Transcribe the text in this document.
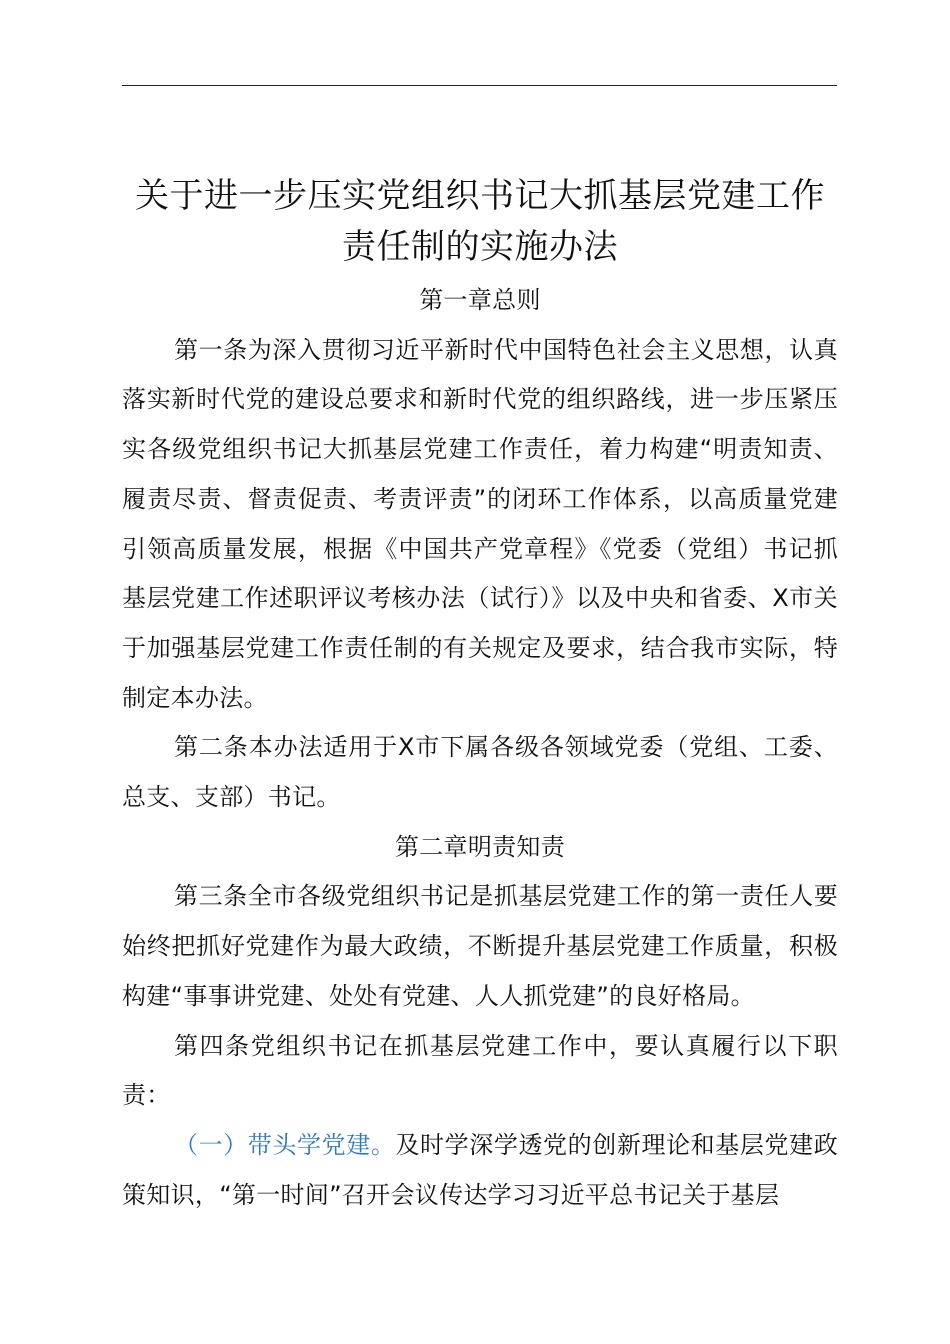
关于进一步压实党组织书记大抓基层党建工作
责任制的实施办法

第一章总则

第一条为深入贯彻习近平新时代中国特色社会主义思想，认真落实新时代党的建设总要求和新时代党的组织路线，进一步压紧压实各级党组织书记大抓基层党建工作责任，着力构建“明责知责、履责尽责、督责促责、考责评责”的闭环工作体系，以高质量党建引领高质量发展，根据《中国共产党章程》《党委（党组）书记抓基层党建工作述职评议考核办法（试行）》以及中央和省委、X市关于加强基层党建工作责任制的有关规定及要求，结合我市实际，特制定本办法。

第二条本办法适用于X市下属各级各领域党委（党组、工委、总支、支部）书记。

第二章明责知责

第三条全市各级党组织书记是抓基层党建工作的第一责任人要始终把抓好党建作为最大政绩，不断提升基层党建工作质量，积极构建“事事讲党建、处处有党建、人人抓党建”的良好格局。

第四条党组织书记在抓基层党建工作中，要认真履行以下职责：

（一）带头学党建。及时学深学透党的创新理论和基层党建政策知识，“第一时间”召开会议传达学习习近平总书记关于基层
